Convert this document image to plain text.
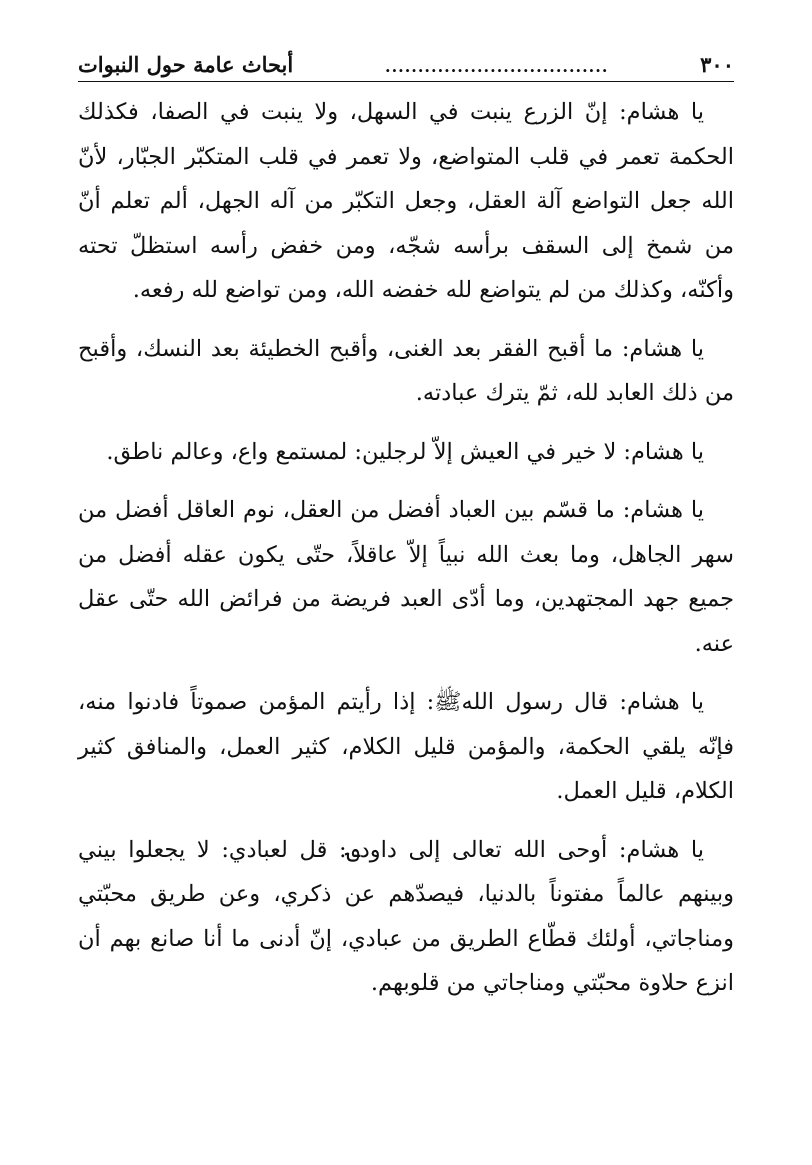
٣٠٠
..................................
أبحاث عامة حول النبوات

يا هشام: إنّ الزرع ينبت في السهل، ولا ينبت في الصفا، فكذلك الحكمة تعمر في قلب المتواضع، ولا تعمر في قلب المتكبّر الجبّار، لأنّ الله جعل التواضع آلة العقل، وجعل التكبّر من آله الجهل، ألم تعلم أنّ من شمخ إلى السقف برأسه شجّه، ومن خفض رأسه استظلّ تحته وأكنّه، وكذلك من لم يتواضع لله خفضه الله، ومن تواضع لله رفعه.

يا هشام: ما أقبح الفقر بعد الغنى، وأقبح الخطيئة بعد النسك، وأقبح من ذلك العابد لله، ثمّ يترك عبادته.

يا هشام: لا خير في العيش إلاّ لرجلين: لمستمع واع، وعالم ناطق.

يا هشام: ما قسّم بين العباد أفضل من العقل، نوم العاقل أفضل من سهر الجاهل، وما بعث الله نبياً إلاّ عاقلاً، حتّى يكون عقله أفضل من جميع جهد المجتهدين، وما أدّى العبد فريضة من فرائض الله حتّى عقل عنه.

يا هشام: قال رسول اللهﷺ: إذا رأيتم المؤمن صموتاً فادنوا منه، فإنّه يلقي الحكمة، والمؤمن قليل الكلام، كثير العمل، والمنافق كثير الكلام، قليل العمل.

يا هشام: أوحى الله تعالى إلى داود؈: قل لعبادي: لا يجعلوا بيني وبينهم عالماً مفتوناً بالدنيا، فيصدّهم عن ذكري، وعن طريق محبّتي ومناجاتي، أولئك قطّاع الطريق من عبادي، إنّ أدنى ما أنا صانع بهم أن انزع حلاوة محبّتي ومناجاتي من قلوبهم.
